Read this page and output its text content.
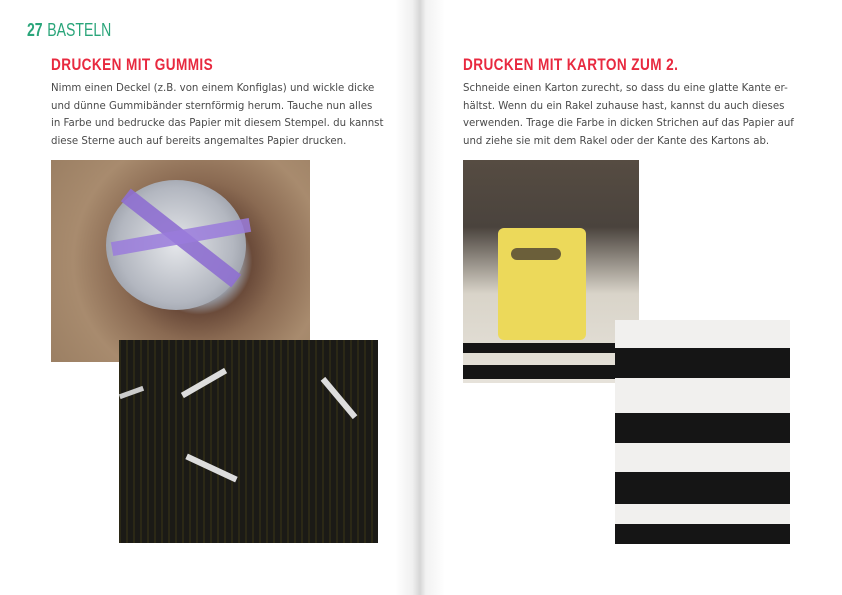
27 BASTELN
DRUCKEN MIT GUMMIS
Nimm einen Deckel (z.B. von einem Konfiglas) und wickle dicke
und dünne Gummibänder sternförmig herum. Tauche nun alles
in Farbe und bedrucke das Papier mit diesem Stempel. du kannst
diese Sterne auch auf bereits angemaltes Papier drucken.
DRUCKEN MIT KARTON ZUM 2.
Schneide einen Karton zurecht, so dass du eine glatte Kante er-
hältst. Wenn du ein Rakel zuhause hast, kannst du auch dieses
verwenden. Trage die Farbe in dicken Strichen auf das Papier auf
und ziehe sie mit dem Rakel oder der Kante des Kartons ab.
